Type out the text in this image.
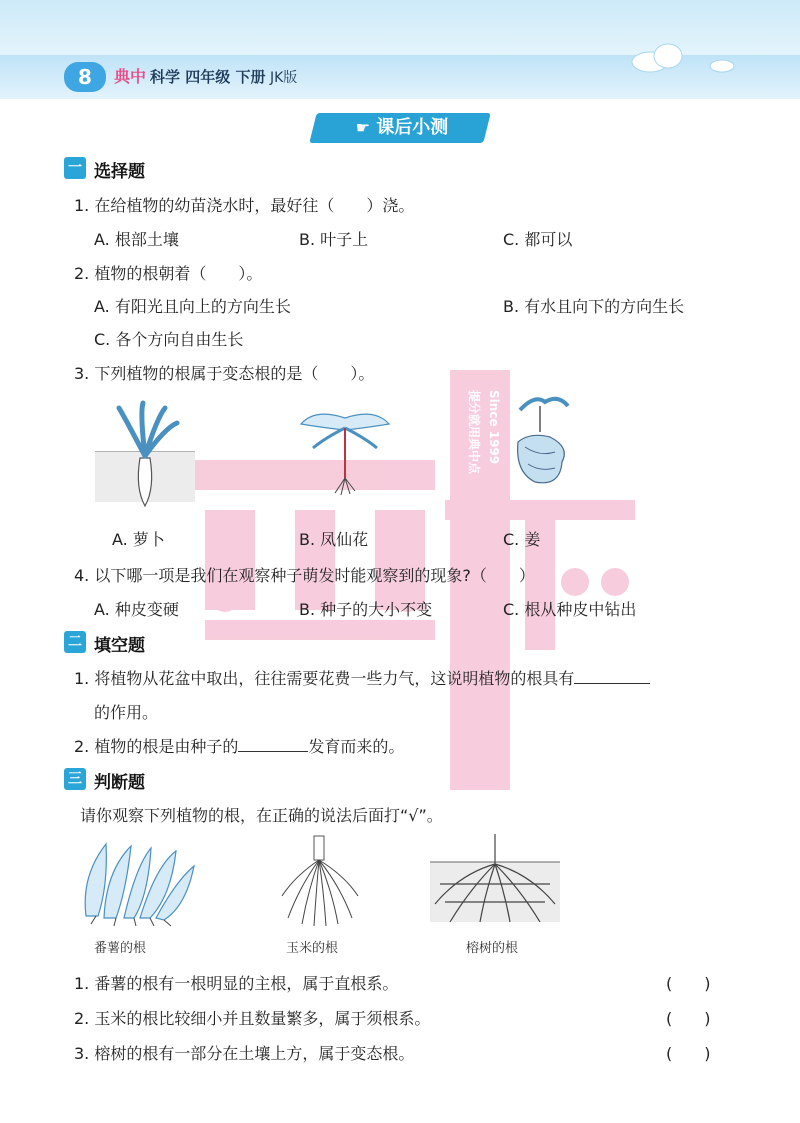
8	典中 科学 四年级 下册 JK版
☛ 课后小测
Since 1999
提分就用典中点
一 选择题
1. 在给植物的幼苗浇水时，最好往（　　）浇。
A. 根部土壤	B. 叶子上	C. 都可以
2. 植物的根朝着（　　）。
A. 有阳光且向上的方向生长	B. 有水且向下的方向生长
C. 各个方向自由生长
3. 下列植物的根属于变态根的是（　　）。
A. 萝卜	B. 凤仙花	C. 姜
4. 以下哪一项是我们在观察种子萌发时能观察到的现象?（　　）
A. 种皮变硬	B. 种子的大小不变	C. 根从种皮中钻出
二 填空题
1. 将植物从花盆中取出，往往需要花费一些力气，这说明植物的根具有
的作用。
2. 植物的根是由种子的	发育而来的。
三 判断题
请你观察下列植物的根，在正确的说法后面打“√”。
番薯的根	玉米的根	榕树的根
1. 番薯的根有一根明显的主根，属于直根系。	(　　)
2. 玉米的根比较细小并且数量繁多，属于须根系。	(　　)
3. 榕树的根有一部分在土壤上方，属于变态根。	(　　)
